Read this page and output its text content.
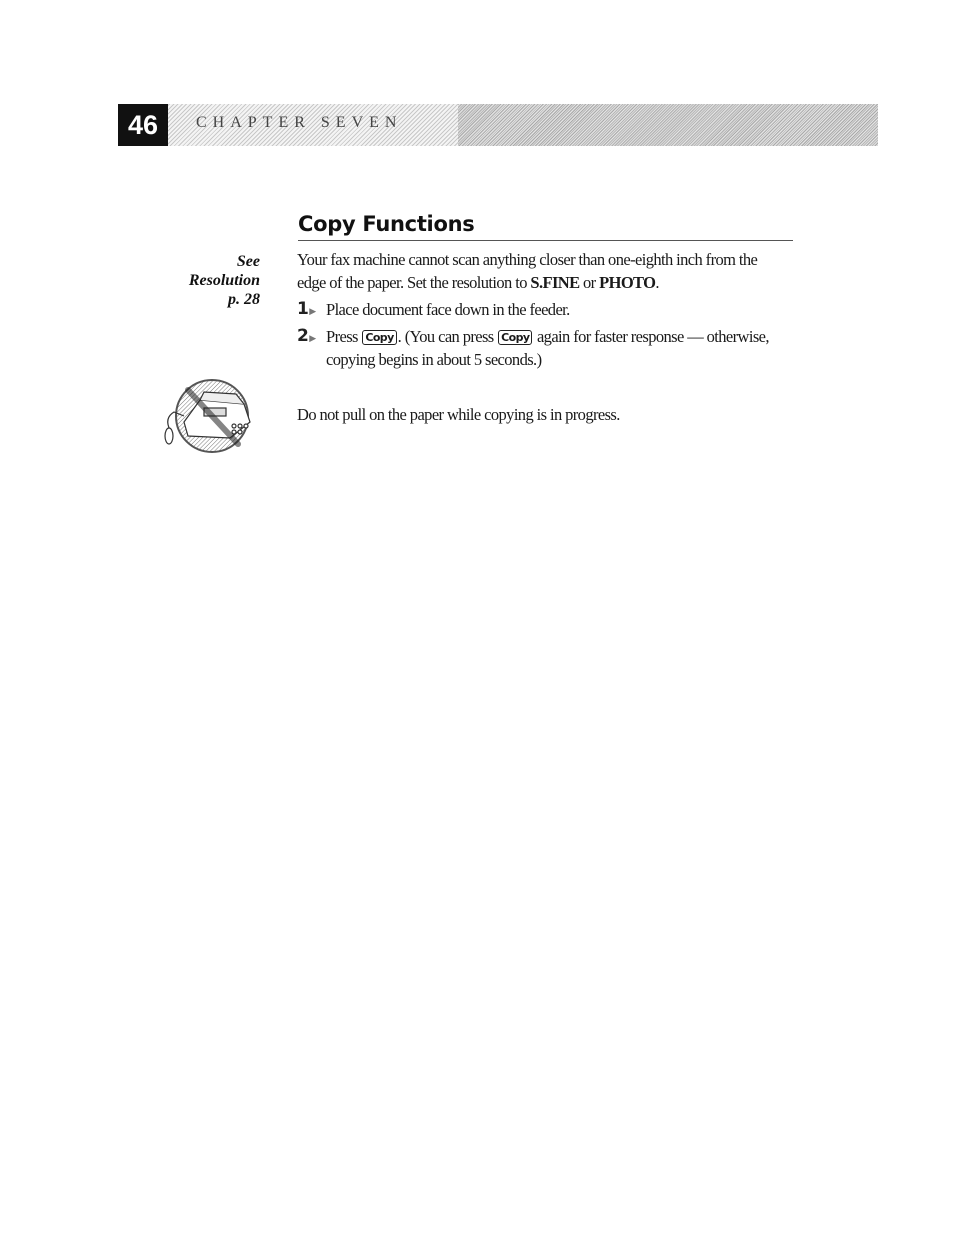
46	CHAPTER SEVEN
Copy Functions
See
Resolution
p. 28
Your fax machine cannot scan anything closer than one-eighth inch from the edge of the paper. Set the resolution to S.FINE or PHOTO.
1▶ Place document face down in the feeder.
2▶ Press Copy . (You can press Copy again for faster response — otherwise, copying begins in about 5 seconds.)
Do not pull on the paper while copying is in progress.
